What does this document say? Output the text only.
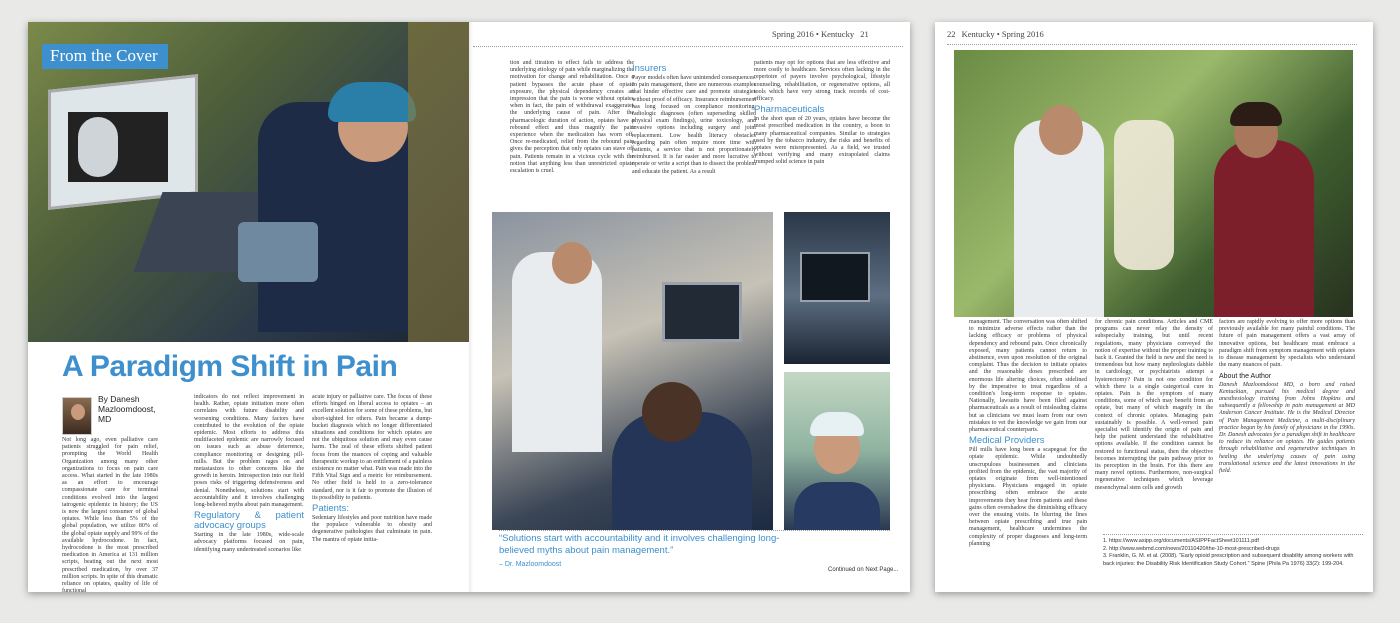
From the Cover
Spring 2016 • Kentucky 21
A Paradigm Shift in Pain
By Danesh Mazloomdoost, MD

Not long ago, even palliative care patients struggled for pain relief, prompting the World Health Organization among many other organizations to focus on pain care access. What started in the late 1980s as an effort to encourage compassionate care for terminal conditions evolved into the largest iatrogenic epidemic in history; the US is now the largest consumer of global opiates. While less than 5% of the global population, we utilize 80% of the global opiate supply and 99% of the available hydrocodone. In fact, hydrocodone is the most prescribed medication in America at 131 million scripts, beating out the next most prescribed medication, by over 37 million scripts. In spite of this dramatic reliance on opiates, quality of life of functional

indicators do not reflect improvement in health. Rather, opiate initiation more often correlates with future disability and worsening conditions. Many factors have contributed to the evolution of the opiate epidemic. Most efforts to address this multifaceted epidemic are narrowly focused on issues such as abuse deterrence, compliance monitoring or designing pill-mills. But the problem rages on and metastasizes to other concerns like the growth in heroin. Introspection into our field poses risks of triggering defensiveness and denial. Nonetheless, solutions start with accountability and it involves challenging long-believed myths about pain management.

Regulatory & patient advocacy groups

Starting in the late 1980s, wide-scale advocacy platforms focused on pain, identifying many undertreated scenarios like

acute injury or palliative care. The focus of these efforts hinged on liberal access to opiates – an excellent solution for some of these problems, but short-sighted for others. Pain became a dump-bucket diagnosis which no longer differentiated situations and conditions for which opiates are not the ubiquitous solution and may even cause harm. The zeal of these efforts shifted patient focus from the nuances of coping and valuable therapeutic workup to an entitlement of a painless existence no matter what. Pain was made into the Fifth Vital Sign and a metric for reimbursement. No other field is held to a zero-tolerance standard, nor is it fair to promote the illusion of its possibility to patients.

Patients:

Sedentary lifestyles and poor nutrition have made the populace vulnerable to obesity and degenerative pathologies that culminate in pain. The mantra of opiate initia-

tion and titration to effect fails to address the underlying etiology of pain while marginalizing the motivation for change and rehabilitation. Once a patient bypasses the acute phase of opiate exposure, the physical dependency creates an impression that the pain is worse without opiates when in fact, the pain of withdrawal exaggerates the underlying cause of pain. After the pharmacologic duration of action, opiates have a rebound effect and thus magnify the pain experience when the medication has worn off. Once re-medicated, relief from the rebound pain gives the perception that only opiates can stave off pain. Patients remain in a vicious cycle with the notion that anything less than unrestricted opiate escalation is cruel.

Insurers

Payor models often have unintended consequences. In pain management, there are numerous examples that hinder effective care and promote strategies without proof of efficacy. Insurance reimbursement has long focused on compliance monitoring, radiologic diagnoses (often superseding skilled physical exam findings), urine toxicology, and invasive options including surgery and joint replacement. Low health literacy obstacles regarding pain often require more time with patients, a service that is not proportionately reimbursed. It is far easier and more lucrative to operate or write a script than to dissect the problem and educate the patient. As a result

patients may opt for options that are less effective and more costly to healthcare. Services often lacking in the repertoire of payers involve psychological, lifestyle counseling, rehabilitation, or regenerative options, all tools which have very strong track records of cost-efficacy.

Pharmaceuticals

In the short span of 20 years, opiates have become the most prescribed medication in the country, a boon to many pharmaceutical companies. Similar to strategies used by the tobacco industry, the risks and benefits of opiates were misrepresented. As a field, we trusted without verifying and many extrapolated claims trumped solid science in pain

“Solutions start with accountability and it involves challenging long-believed myths about pain management.”
– Dr. Mazloomdoost
Continued on Next Page...
22 Kentucky • Spring 2016

management. The conversation was often shifted to minimize adverse effects rather than the lacking efficacy or problems of physical dependency and rebound pain. Once chronically exposed, many patients cannot return to abstinence, even upon resolution of the original complaint. Thus the decision to initiate opiates and the reasonable doses prescribed are enormous life altering choices, often sidelined by the imperative to treat regardless of a condition's long-term response to opiates. Nationally, lawsuits have been filed against pharmaceuticals as a result of misleading claims but as clinicians we must learn from our own mistakes to vet the knowledge we gain from our pharmaceutical counterparts.

Medical Providers

Pill mills have long been a scapegoat for the opiate epidemic. While undoubtedly unscrupulous businessmen and clinicians profited from the epidemic, the vast majority of opiates originate from well-intentioned physicians. Physicians engaged in opiate prescribing often embrace the acute improvements they hear from patients and these gains often overshadow the diminishing efficacy over the ensuing visits. In blurring the lines between opiate prescribing and true pain management, healthcare undermines the complexity of proper diagnoses and long-term planning

for chronic pain conditions. Articles and CME programs can never relay the density of subspecialty training, but until recent regulations, many physicians conveyed the notion of expertise without the proper training to back it. Granted the field is new and the need is tremendous but how many nephrologists dabble in cardiology, or psychiatrists attempt a hysterectomy? Pain is not one condition for which there is a single categorical cure in opiates. Pain is the symptom of many conditions, some of which may benefit from an opiate, but many of which magnify in the context of chronic opiates. Managing pain sustainably is possible. A well-versed pain specialist will identify the origin of pain and help the patient understand the rehabilitative options available. If the condition cannot be restored to functional status, then the objective becomes interrupting the pain pathway prior to its perception in the brain. For this there are many novel options. Furthermore, non-surgical regenerative techniques which leverage mesenchymal stem cells and growth

factors are rapidly evolving to offer more options than previously available for many painful conditions. The future of pain management offers a vast array of innovative options, but healthcare must embrace a paradigm shift from symptom management with opiates to disease management by specialists who understand the many nuances of pain.

About the Author

Danesh Mazloomdoost MD, a born and raised Kentuckian, pursued his medical degree and anesthesiology training from Johns Hopkins and subsequently a fellowship in pain management at MD Anderson Cancer Institute. He is the Medical Director of Pain Management Medicine, a multi-disciplinary practice begun by his family of physicians in the 1990s. Dr. Danesh advocates for a paradigm shift in healthcare to reduce its reliance on opiates. He guides patients through rehabilitative and regenerative techniques in healing the underlying causes of pain using translational science and the latest innovations in the field.

1. https://www.asipp.org/documents/ASIPPFactSheet101111.pdf
2. http://www.webmd.com/news/20110420/the-10-most-prescribed-drugs
3. Franklin, G. M. et al. (2008). "Early opioid prescription and subsequent disability among workers with back injuries: the Disability Risk Identification Study Cohort." Spine (Phila Pa 1976) 33(2): 199-204.
